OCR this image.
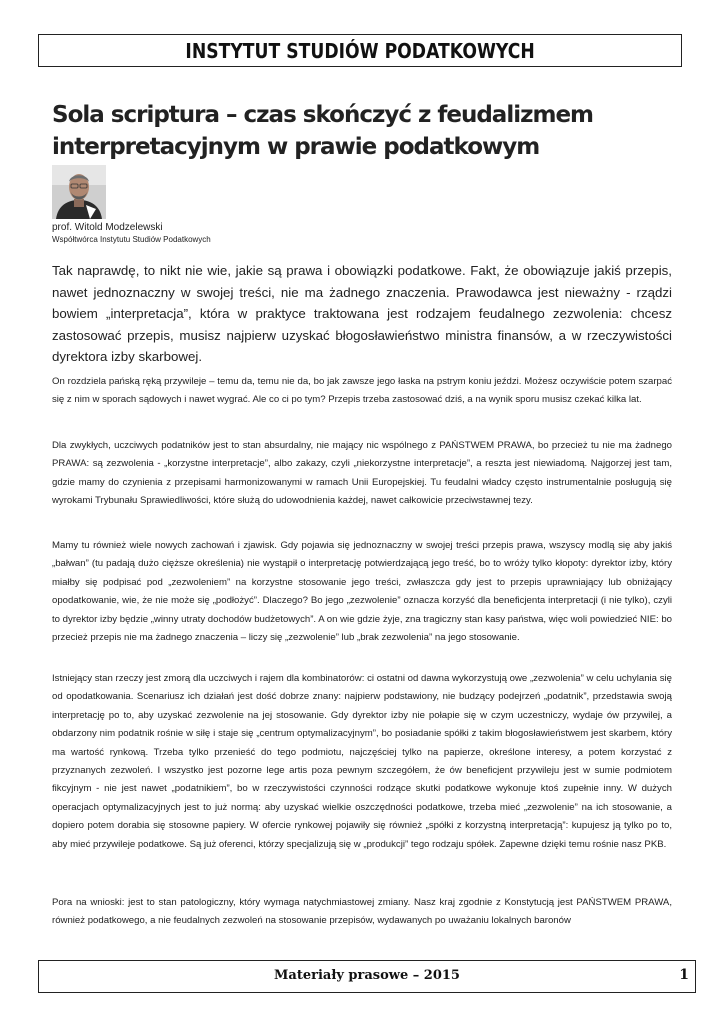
INSTYTUT STUDIÓW PODATKOWYCH
Sola scriptura – czas skończyć z feudalizmem
interpretacyjnym w prawie podatkowym
prof. Witold Modzelewski
Współtwórca Instytutu Studiów Podatkowych

Tak naprawdę, to nikt nie wie, jakie są prawa i obowiązki podatkowe. Fakt, że obowiązuje jakiś przepis, nawet jednoznaczny w swojej treści, nie ma żadnego znaczenia. Prawodawca jest nieważny - rządzi bowiem „interpretacja”, która w praktyce traktowana jest rodzajem feudalnego zezwolenia: chcesz zastosować przepis, musisz najpierw uzyskać błogosławieństwo ministra finansów, a w rzeczywistości dyrektora izby skarbowej.

On rozdziela pańską ręką przywileje – temu da, temu nie da, bo jak zawsze jego łaska na pstrym koniu jeździ. Możesz oczywiście potem szarpać się z nim w sporach sądowych i nawet wygrać. Ale co ci po tym? Przepis trzeba zastosować dziś, a na wynik sporu musisz czekać kilka lat.

Dla zwykłych, uczciwych podatników jest to stan absurdalny, nie mający nic wspólnego z PAŃSTWEM PRAWA, bo przecież tu nie ma żadnego PRAWA: są zezwolenia - „korzystne interpretacje”, albo zakazy, czyli „niekorzystne interpretacje”, a reszta jest niewiadomą. Najgorzej jest tam, gdzie mamy do czynienia z przepisami harmonizowanymi w ramach Unii Europejskiej. Tu feudalni władcy często instrumentalnie posługują się wyrokami Trybunału Sprawiedliwości, które służą do udowodnienia każdej, nawet całkowicie przeciwstawnej tezy.

Mamy tu również wiele nowych zachowań i zjawisk. Gdy pojawia się jednoznaczny w swojej treści przepis prawa, wszyscy modlą się aby jakiś „bałwan” (tu padają dużo cięższe określenia) nie wystąpił o interpretację potwierdzającą jego treść, bo to wróży tylko kłopoty: dyrektor izby, który miałby się podpisać pod „zezwoleniem” na korzystne stosowanie jego treści, zwłaszcza gdy jest to przepis uprawniający lub obniżający opodatkowanie, wie, że nie może się „podłożyć”. Dlaczego? Bo jego „zezwolenie” oznacza korzyść dla beneficjenta interpretacji (i nie tylko), czyli to dyrektor izby będzie „winny utraty dochodów budżetowych”. A on wie gdzie żyje, zna tragiczny stan kasy państwa, więc woli powiedzieć NIE: bo przecież przepis nie ma żadnego znaczenia – liczy się „zezwolenie” lub „brak zezwolenia” na jego stosowanie.

Istniejący stan rzeczy jest zmorą dla uczciwych i rajem dla kombinatorów: ci ostatni od dawna wykorzystują owe „zezwolenia” w celu uchylania się od opodatkowania. Scenariusz ich działań jest dość dobrze znany: najpierw podstawiony, nie budzący podejrzeń „podatnik”, przedstawia swoją interpretację po to, aby uzyskać zezwolenie na jej stosowanie. Gdy dyrektor izby nie połapie się w czym uczestniczy, wydaje ów przywilej, a obdarzony nim podatnik rośnie w siłę i staje się „centrum optymalizacyjnym”, bo posiadanie spółki z takim błogosławieństwem jest skarbem, który ma wartość rynkową. Trzeba tylko przenieść do tego podmiotu, najczęściej tylko na papierze, określone interesy, a potem korzystać z przyznanych zezwoleń. I wszystko jest pozorne lege artis poza pewnym szczegółem, że ów beneficjent przywileju jest w sumie podmiotem fikcyjnym - nie jest nawet „podatnikiem”, bo w rzeczywistości czynności rodzące skutki podatkowe wykonuje ktoś zupełnie inny. W dużych operacjach optymalizacyjnych jest to już normą: aby uzyskać wielkie oszczędności podatkowe, trzeba mieć „zezwolenie” na ich stosowanie, a dopiero potem dorabia się stosowne papiery. W ofercie rynkowej pojawiły się również „spółki z korzystną interpretacją”: kupujesz ją tylko po to, aby mieć przywileje podatkowe. Są już oferenci, którzy specjalizują się w „produkcji” tego rodzaju spółek. Zapewne dzięki temu rośnie nasz PKB.

Pora na wnioski: jest to stan patologiczny, który wymaga natychmiastowej zmiany. Nasz kraj zgodnie z Konstytucją jest PAŃSTWEM PRAWA, również podatkowego, a nie feudalnych zezwoleń na stosowanie przepisów, wydawanych po uważaniu lokalnych baronów

Materiały prasowe – 2015	1
